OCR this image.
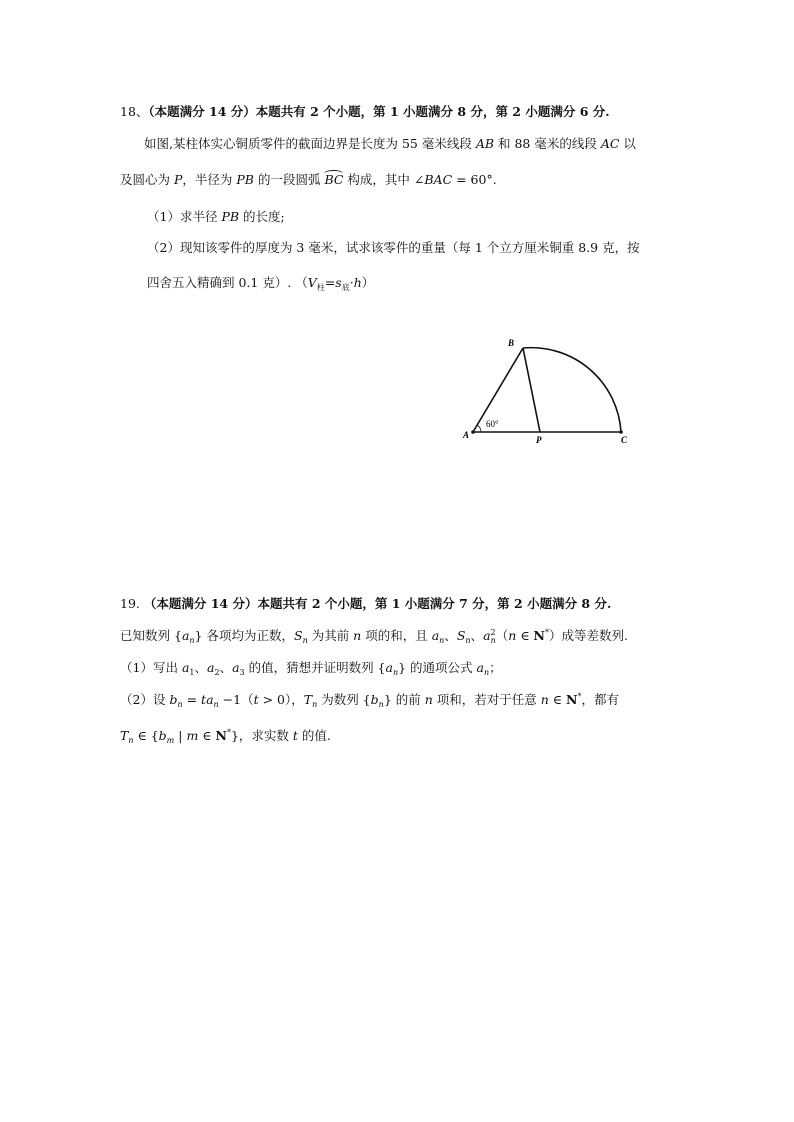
18、（本题满分 14 分）本题共有 2 个小题，第 1 小题满分 8 分，第 2 小题满分 6 分.
如图,某柱体实心铜质零件的截面边界是长度为 55 毫米线段 AB 和 88 毫米的线段 AC 以
及圆心为 P，半径为 PB 的一段圆弧 BC 构成，其中 ∠BAC = 60°.
（1）求半径 PB 的长度;
（2）现知该零件的厚度为 3 毫米，试求该零件的重量（每 1 个立方厘米铜重 8.9 克，按
四舍五入精确到 0.1 克）. $(V_柱=s_底\cdot h)$
A
B
P	C
60°
19. （本题满分 14 分）本题共有 2 个小题，第 1 小题满分 7 分，第 2 小题满分 8 分.
已知数列 $\{a_n\}$ 各项均为正数，$S_n$ 为其前 n 项的和，且 $a_n$、$S_n$、$a^2_n(n$ ∈ N*）成等差数列.
（1）写出 $a_1$、$a_2$、$a_3$ 的值，猜想并证明数列 $\{a_n\}$ 的通项公式 $a_n$；
（2）设 $b_n = ta_n -1(t > 0)$，$T_n$ 为数列 $\{b_n\}$ 的前 n 项和，若对于任意 n ∈ N*，都有
$T_n$ ∈ {$b_m$ | m ∈ N*}，求实数 t 的值.
